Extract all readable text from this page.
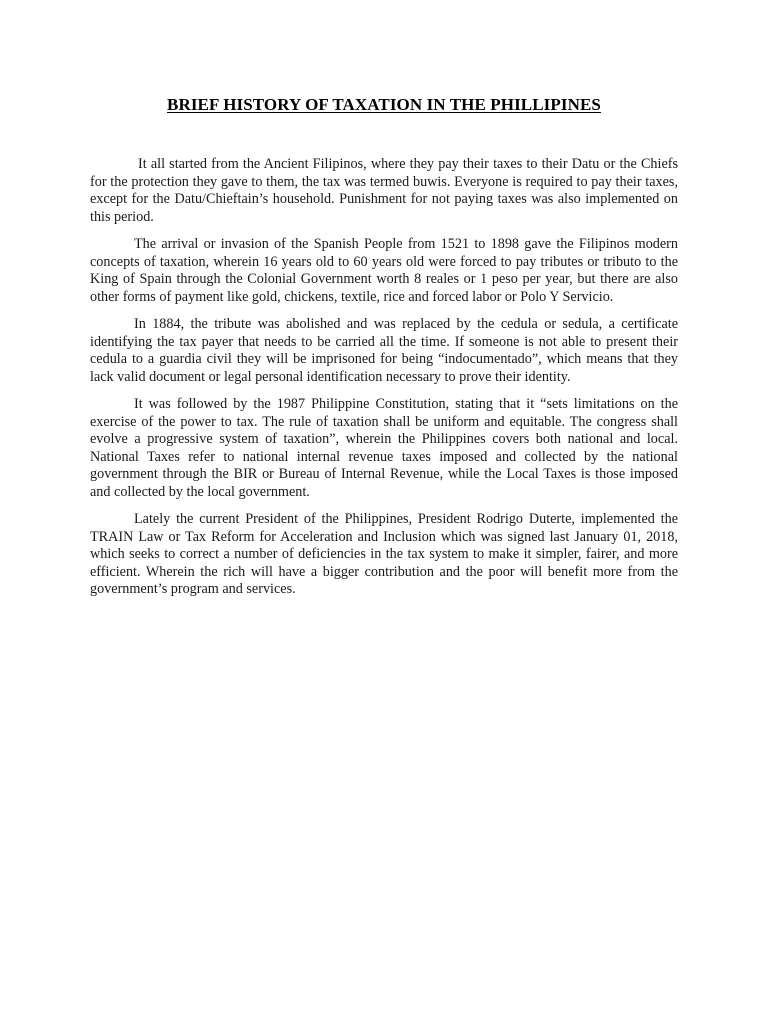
BRIEF HISTORY OF TAXATION IN THE PHILLIPINES

It all started from the Ancient Filipinos, where they pay their taxes to their Datu or the Chiefs for the protection they gave to them, the tax was termed buwis. Everyone is required to pay their taxes, except for the Datu/Chieftain’s household. Punishment for not paying taxes was also implemented on this period.

The arrival or invasion of the Spanish People from 1521 to 1898 gave the Filipinos modern concepts of taxation, wherein 16 years old to 60 years old were forced to pay tributes or tributo to the King of Spain through the Colonial Government worth 8 reales or 1 peso per year, but there are also other forms of payment like gold, chickens, textile, rice and forced labor or Polo Y Servicio.

In 1884, the tribute was abolished and was replaced by the cedula or sedula, a certificate identifying the tax payer that needs to be carried all the time. If someone is not able to present their cedula to a guardia civil they will be imprisoned for being “indocumentado”, which means that they lack valid document or legal personal identification necessary to prove their identity.

It was followed by the 1987 Philippine Constitution, stating that it “sets limitations on the exercise of the power to tax. The rule of taxation shall be uniform and equitable. The congress shall evolve a progressive system of taxation”, wherein the Philippines covers both national and local. National Taxes refer to national internal revenue taxes imposed and collected by the national government through the BIR or Bureau of Internal Revenue, while the Local Taxes is those imposed and collected by the local government.

Lately the current President of the Philippines, President Rodrigo Duterte, implemented the TRAIN Law or Tax Reform for Acceleration and Inclusion which was signed last January 01, 2018, which seeks to correct a number of deficiencies in the tax system to make it simpler, fairer, and more efficient. Wherein the rich will have a bigger contribution and the poor will benefit more from the government’s program and services.
